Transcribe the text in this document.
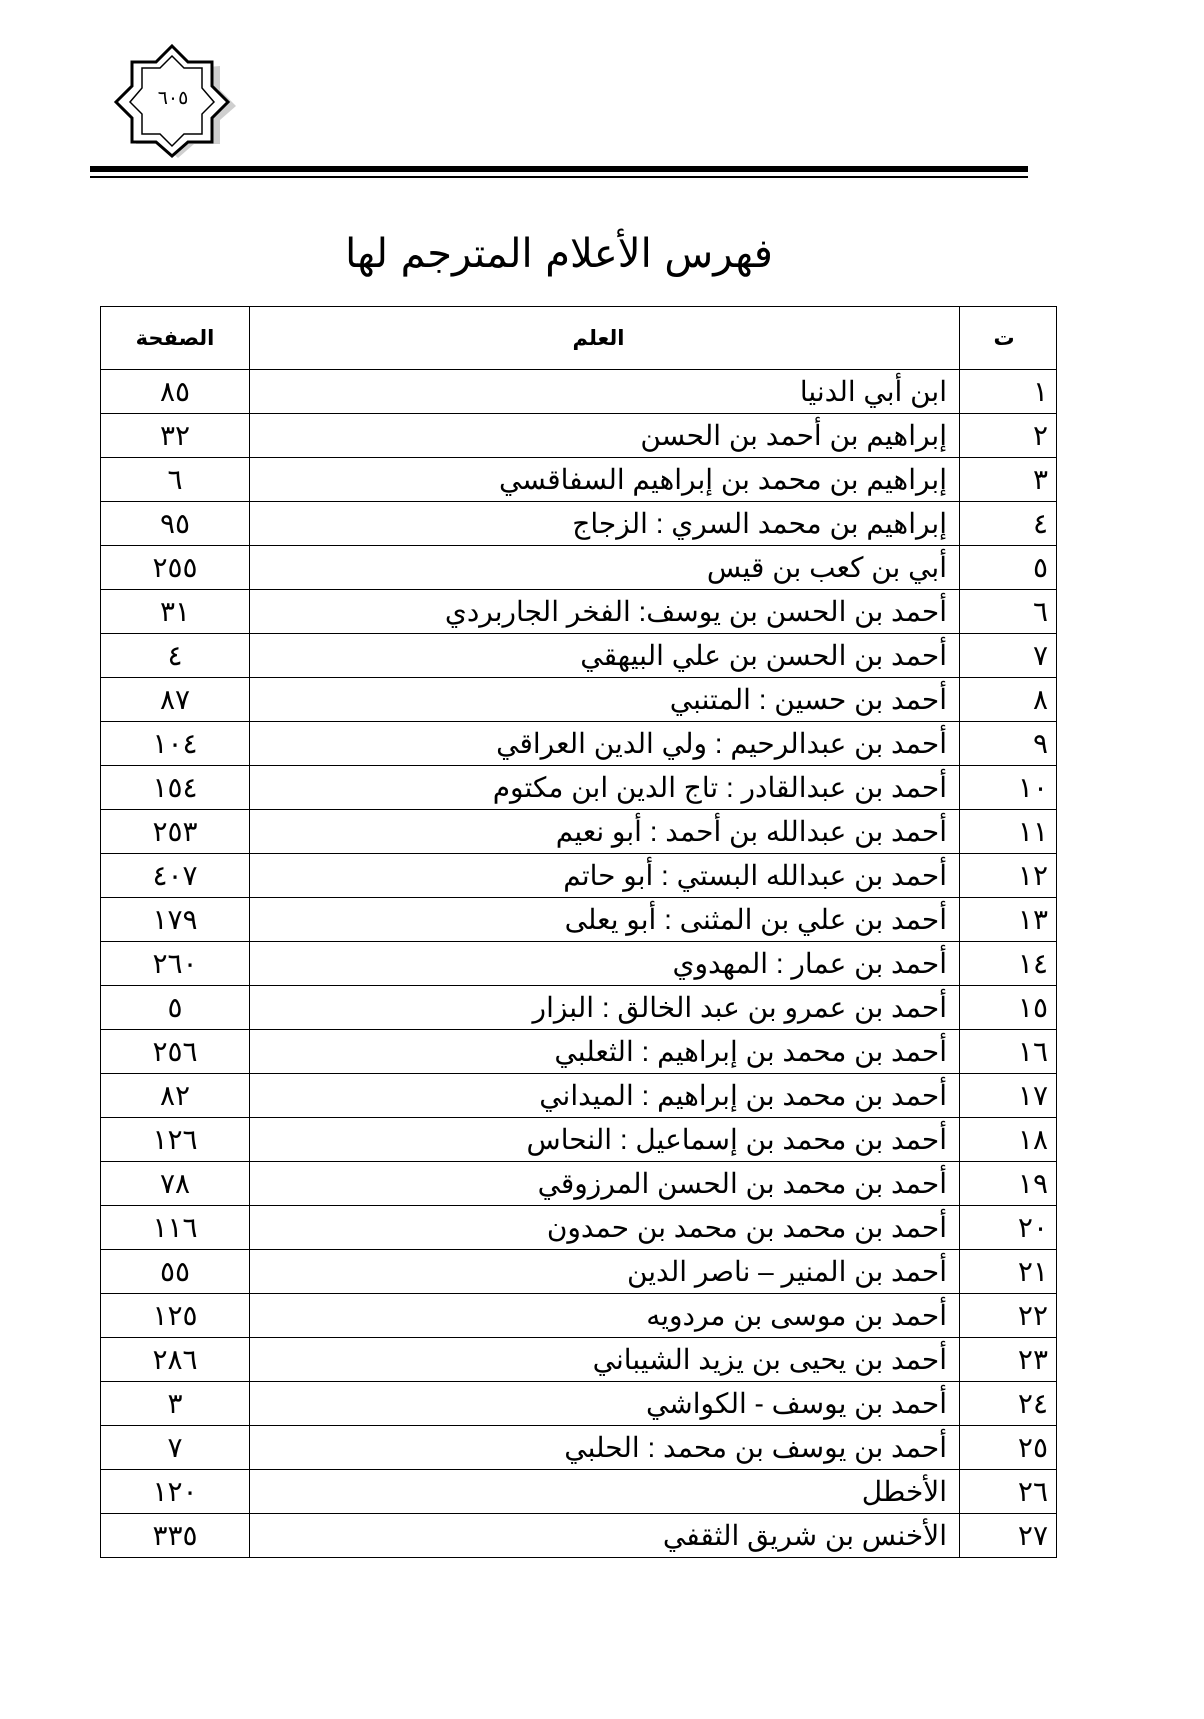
٦٠٥
فهرس الأعلام المترجم لها
ت	العلم	الصفحة
١	ابن أبي الدنيا	٨٥
٢	إبراهيم بن أحمد بن الحسن	٣٢
٣	إبراهيم بن محمد بن إبراهيم السفاقسي	٦
٤	إبراهيم بن محمد السري : الزجاج	٩٥
٥	أبي بن كعب بن قيس	٢٥٥
٦	أحمد بن الحسن بن يوسف: الفخر الجاربردي	٣١
٧	أحمد بن الحسن بن علي البيهقي	٤
٨	أحمد بن حسين : المتنبي	٨٧
٩	أحمد بن عبدالرحيم : ولي الدين العراقي	١٠٤
١٠	أحمد بن عبدالقادر : تاج الدين ابن مكتوم	١٥٤
١١	أحمد بن عبدالله بن أحمد : أبو نعيم	٢٥٣
١٢	أحمد بن عبدالله البستي : أبو حاتم	٤٠٧
١٣	أحمد بن علي بن المثنى : أبو يعلى	١٧٩
١٤	أحمد بن عمار : المهدوي	٢٦٠
١٥	أحمد بن عمرو بن عبد الخالق : البزار	٥
١٦	أحمد بن محمد بن إبراهيم : الثعلبي	٢٥٦
١٧	أحمد بن محمد بن إبراهيم : الميداني	٨٢
١٨	أحمد بن محمد بن إسماعيل : النحاس	١٢٦
١٩	أحمد بن محمد بن الحسن المرزوقي	٧٨
٢٠	أحمد بن محمد بن محمد بن حمدون	١١٦
٢١	أحمد بن المنير – ناصر الدين	٥٥
٢٢	أحمد بن موسى بن مردويه	١٢٥
٢٣	أحمد بن يحيى بن يزيد الشيباني	٢٨٦
٢٤	أحمد بن يوسف - الكواشي	٣
٢٥	أحمد بن يوسف بن محمد : الحلبي	٧
٢٦	الأخطل	١٢٠
٢٧	الأخنس بن شريق الثقفي	٣٣٥
